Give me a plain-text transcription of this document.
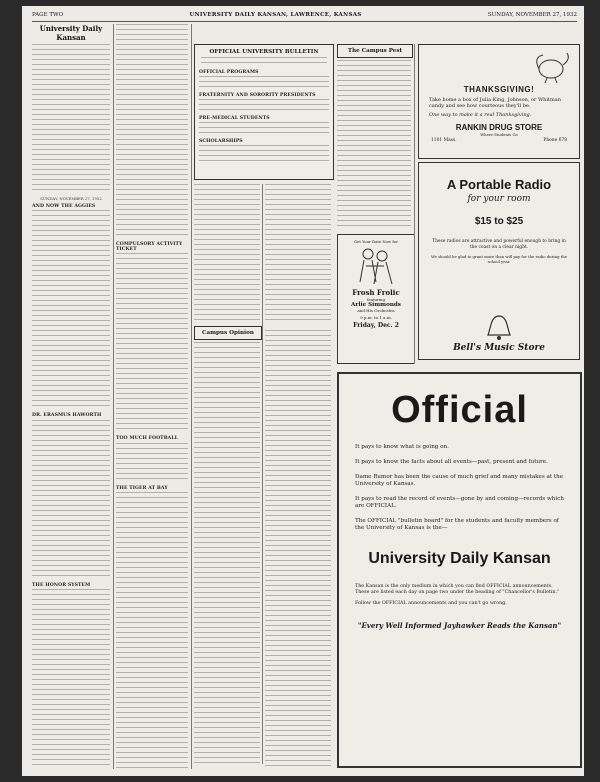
PAGE TWO	UNIVERSITY DAILY KANSAN, LAWRENCE, KANSAS	SUNDAY, NOVEMBER 27, 1932
University Daily Kansan
SUNDAY, NOVEMBER 27, 1932
AND NOW THE AGGIES
DR. ERASMUS HAWORTH
THE HONOR SYSTEM
COMPULSORY ACTIVITY TICKET
TOO MUCH FOOTBALL
THE TIGER AT BAY
OFFICIAL UNIVERSITY BULLETIN
OFFICIAL PROGRAMS
FRATERNITY AND SORORITY PRESIDENTS
PRE-MEDICAL STUDENTS
SCHOLARSHIPS
Campus Opinion
The Campus Pest
Get Your Date Now for
Frosh Frolic
featuring
Arlie Simmonds
and His Orchestra
9 p.m. to 1 a.m.
Friday, Dec. 2
THANKSGIVING!
Take home a box of Julia King, Johnson, or Whitman candy and see how courteous they'll be.
One way to make it a real Thanksgiving.
RANKIN DRUG STORE
Where Students Go
1101 Mass.	Phone 678
A Portable Radio
for your room
$15 to $25
These radios are attractive and powerful enough to bring in the coast on a clear night.
We should be glad to grant more than will pay for the radio during the school year.
Bell's Music Store
Official
It pays to know what is going on.
It pays to know the facts about all events—past, present and future.
Dame Rumor has been the cause of much grief and many mistakes at the University of Kansas.
It pays to read the record of events—gone by and coming—records which are OFFICIAL.
The OFFICIAL "bulletin board" for the students and faculty members of the University of Kansas is the—
University Daily Kansan
The Kansan is the only medium in which you can find OFFICIAL announcements. These are listed each day on page two under the heading of "Chancellor's Bulletin."
Follow the OFFICIAL announcements and you can't go wrong.
"Every Well Informed Jayhawker Reads the Kansan"
